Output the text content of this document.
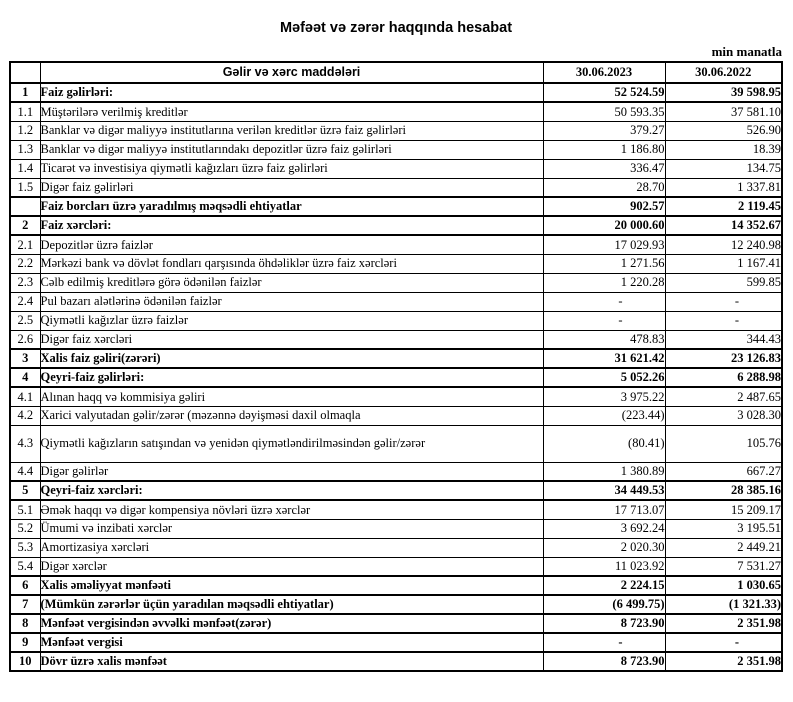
Məfəət və zərər haqqında hesabat
min manatla
	Gəlir və xərc maddələri	30.06.2023	30.06.2022
1	Faiz gəlirləri:	52 524.59	39 598.95
1.1	Müştərilərə verilmiş kreditlər	50 593.35	37 581.10
1.2	Banklar və digər maliyyə institutlarına verilən kreditlər üzrə faiz gəlirləri	379.27	526.90
1.3	Banklar və digər maliyyə institutlarındakı depozitlər üzrə faiz gəlirləri	1 186.80	18.39
1.4	Ticarət və investisiya qiymətli kağızları üzrə faiz gəlirləri	336.47	134.75
1.5	Digər faiz gəlirləri	28.70	1 337.81
	Faiz borcları üzrə yaradılmış məqsədli ehtiyatlar	902.57	2 119.45
2	Faiz xərcləri:	20 000.60	14 352.67
2.1	Depozitlər üzrə faizlər	17 029.93	12 240.98
2.2	Mərkəzi bank və dövlət fondları qarşısında öhdəliklər üzrə faiz xərcləri	1 271.56	1 167.41
2.3	Cəlb edilmiş kreditlərə görə ödənilən faizlər	1 220.28	599.85
2.4	Pul bazarı alətlərinə ödənilən faizlər	-	-
2.5	Qiymətli kağızlar üzrə faizlər	-	-
2.6	Digər faiz xərcləri	478.83	344.43
3	Xalis faiz gəliri(zərəri)	31 621.42	23 126.83
4	Qeyri-faiz gəlirləri:	5 052.26	6 288.98
4.1	Alınan haqq və kommisiya gəliri	3 975.22	2 487.65
4.2	Xarici valyutadan gəlir/zərər (məzənnə dəyişməsi daxil olmaqla	(223.44)	3 028.30
4.3	Qiymətli kağızların satışından və yenidən qiymətləndirilməsindən gəlir/zərər	(80.41)	105.76
4.4	Digər gəlirlər	1 380.89	667.27
5	Qeyri-faiz xərcləri:	34 449.53	28 385.16
5.1	Əmək haqqı və digər kompensiya növləri üzrə xərclər	17 713.07	15 209.17
5.2	Ümumi və inzibati xərclər	3 692.24	3 195.51
5.3	Amortizasiya xərcləri	2 020.30	2 449.21
5.4	Digər xərclər	11 023.92	7 531.27
6	Xalis əməliyyat mənfəəti	2 224.15	1 030.65
7	(Mümkün zərərlər üçün yaradılan məqsədli ehtiyatlar)	(6 499.75)	(1 321.33)
8	Mənfəət vergisindən əvvəlki mənfəət(zərər)	8 723.90	2 351.98
9	Mənfəət vergisi	-	-
10	Dövr üzrə xalis mənfəət	8 723.90	2 351.98
